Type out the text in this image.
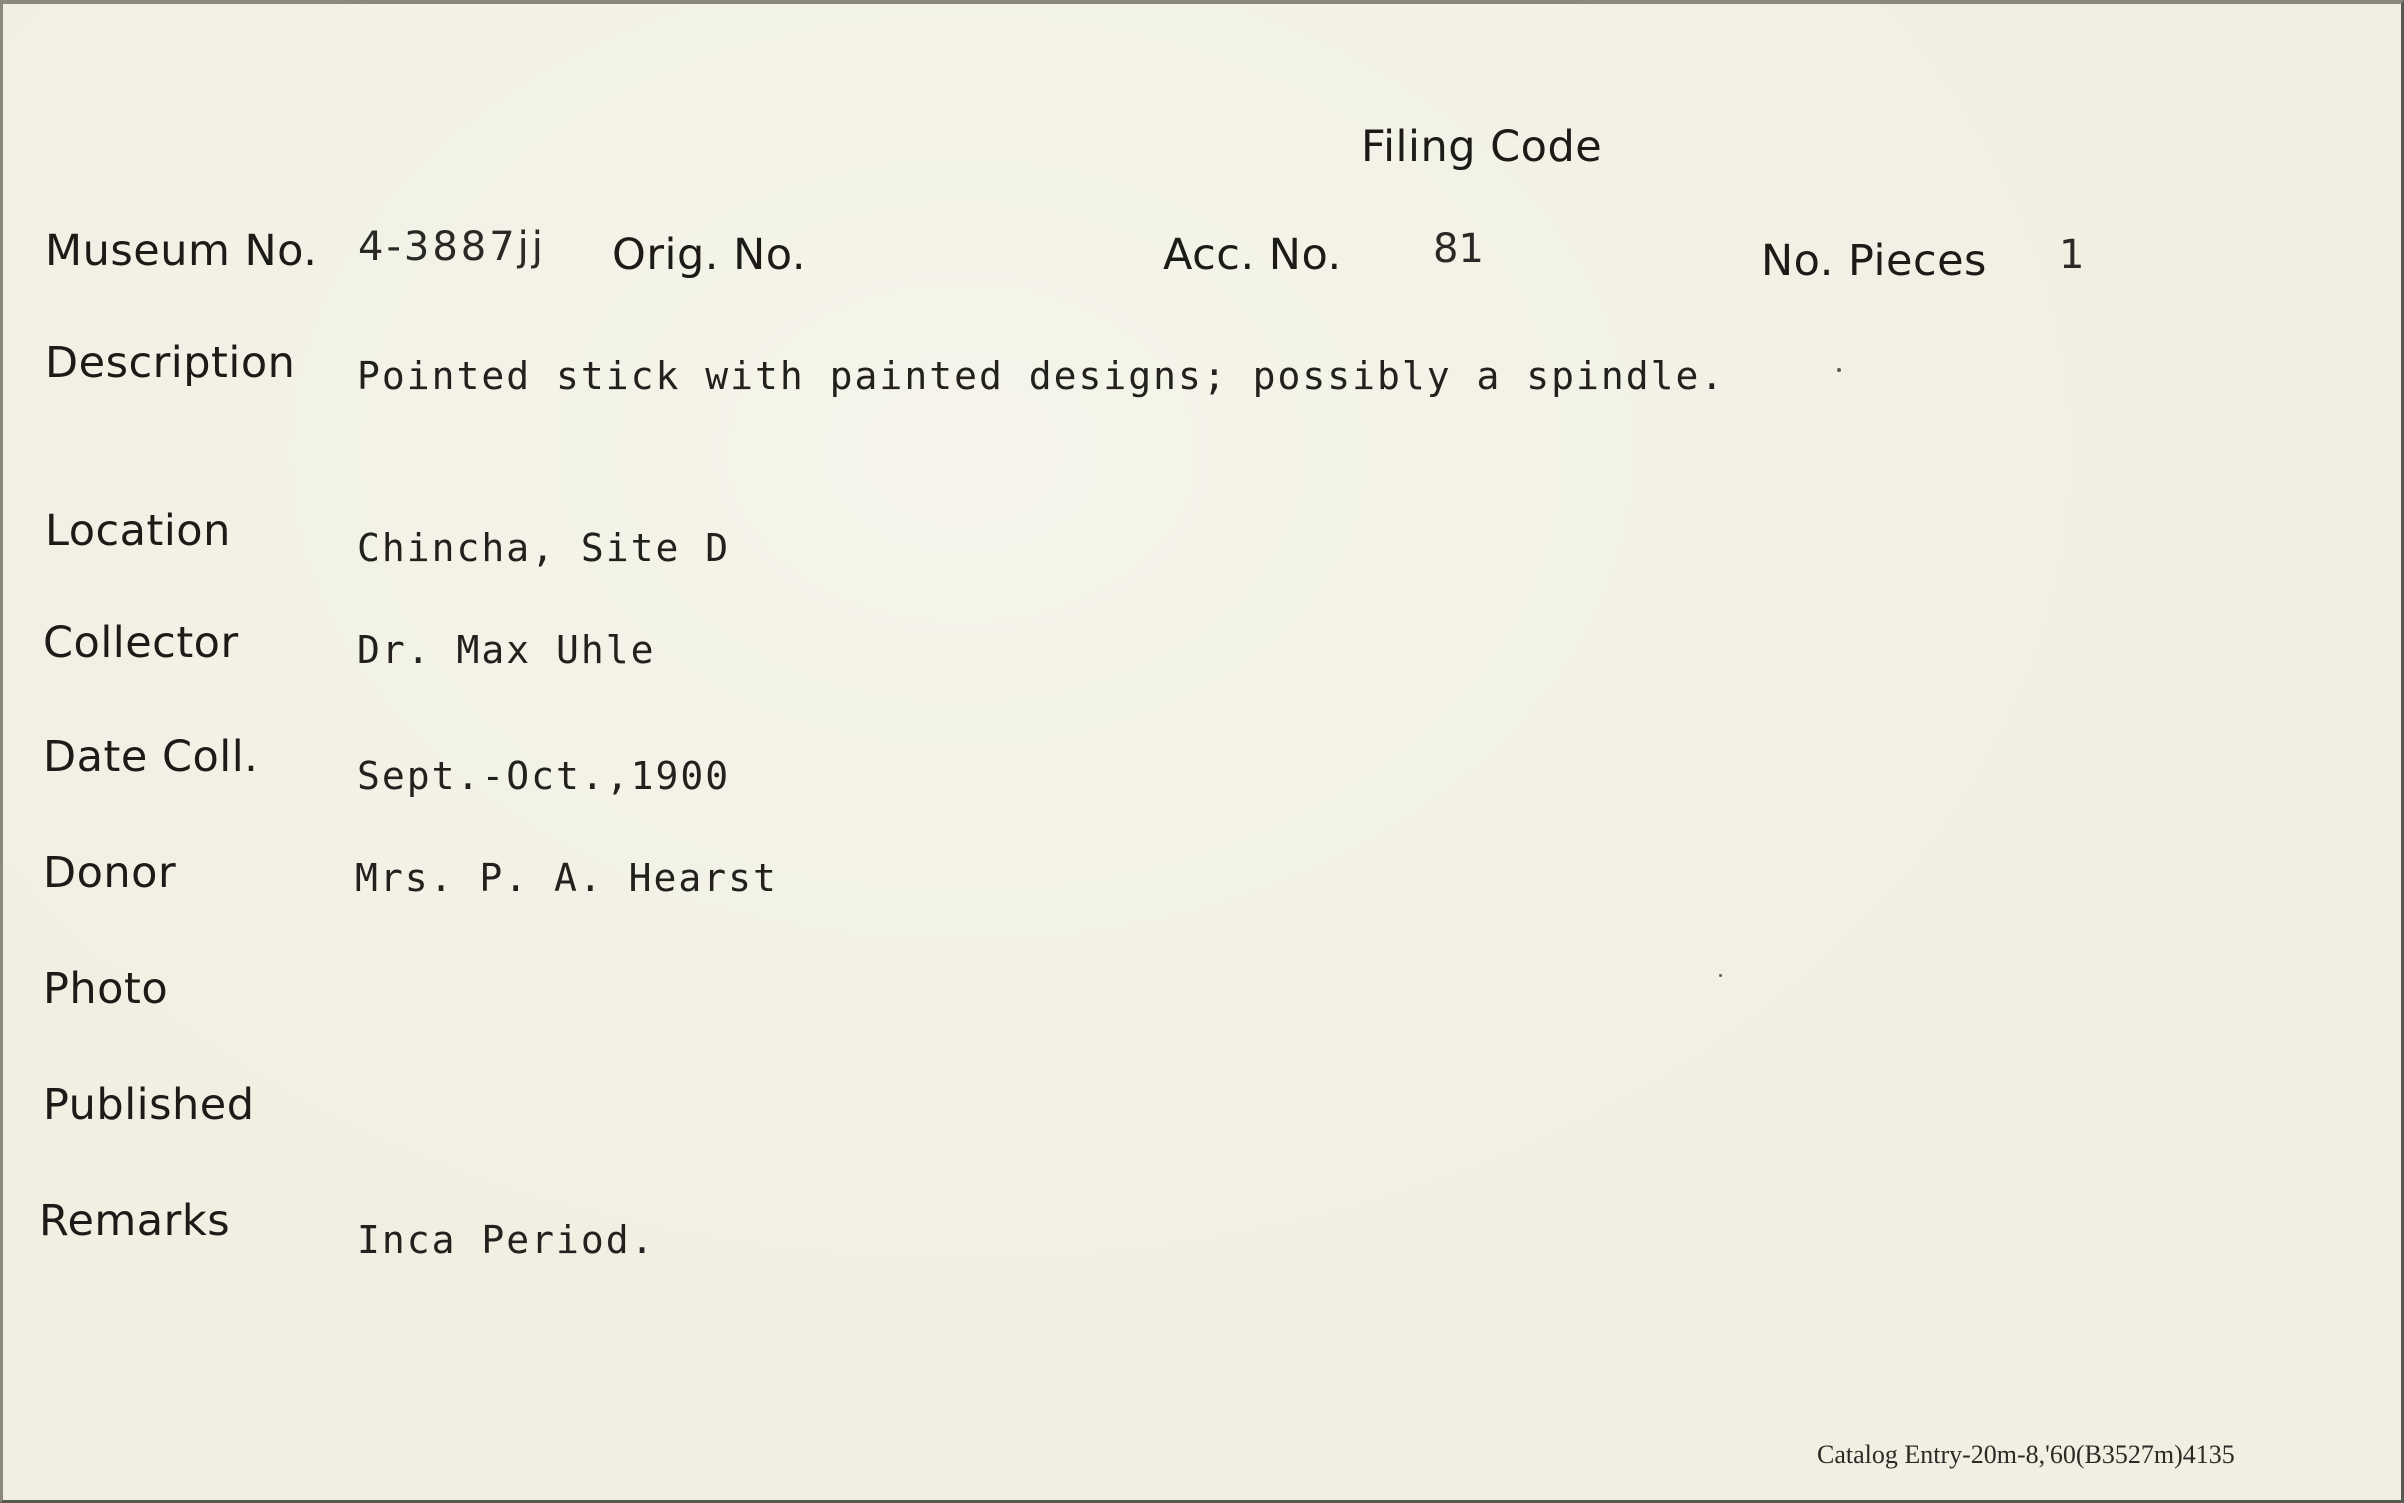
Filing Code
Museum No. 4-3887jj Orig. No.	Acc. No. 81	No. Pieces 1
Description Pointed stick with painted designs; possibly a spindle.
Location	Chincha, Site D
Collector	Dr. Max Uhle
Date Coll.	Sept.-Oct.,1900
Donor	Mrs. P. A. Hearst
Photo
Published
Remarks	Inca Period.
Catalog Entry-20m-8,'60(B3527m)4135
